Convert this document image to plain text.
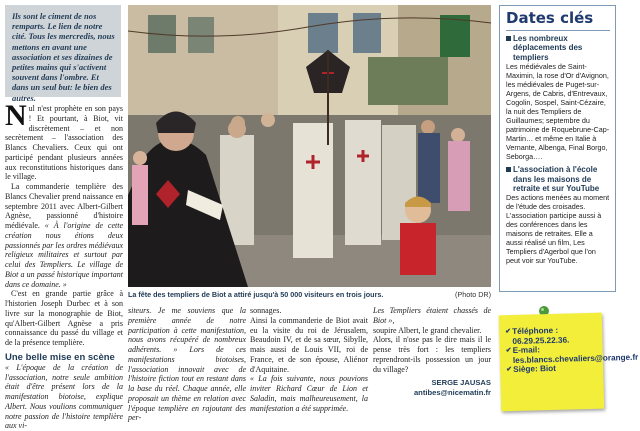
Ils sont le ciment de nos remparts. Le lien de notre cité. Tous les mercredis, nous mettons en avant une association et ses dizaines de petites mains qui s'activent souvent dans l'ombre. Et dans un seul but: le bien des autres.

Nul n'est prophète en son pays ! Et pourtant, à Biot, vit discrètement – et non secrètement – l'association des Blancs Chevaliers. Ceux qui ont participé pendant plusieurs années aux reconstitutions historiques dans le village.

La commanderie templière des Blancs Chevalier prend naissance en septembre 2011 avec Albert-Gilbert Agnèse, passionné d'histoire médiévale. « À l'origine de cette création nous étions deux passionnés par les ordres médiévaux religieux militaires et surtout par celui des Templiers. Le village de Biot a un passé historique important dans ce domaine. »

C'est en grande partie grâce à l'historien Joseph Durbec et à son livre sur la monographie de Biot, qu'Albert-Gilbert Agnèse a pris connaissance du passé du village et de la présence templière.

Une belle mise en scène

« L'époque de la création de l'association, notre seule ambition était d'être présent lors de la manifestation biotoise, explique Albert. Nous voulions communiquer notre passion de l'histoire templière aux vi-

La fête des templiers de Biot a attiré jusqu'à 50 000 visiteurs en trois jours.	(Photo DR)
siteurs. Je me souviens que la première année de notre participation à cette manifestation, nous avons récupéré de nombreux adhérents. » Lors de ces manifestations biotoises, l'association innovait avec de l'histoire fiction tout en restant dans la base du réel. Chaque année, elle proposait un thème en relation avec l'époque templière en rajoutant des per-
sonnages.
Ainsi la commanderie de Biot avait eu la visite du roi de Jérusalem, Beaudoin IV, et de sa sœur, Sibylle, mais aussi de Louis VII, roi de France, et de son épouse, Aliénor d'Aquitaine.
« La fois suivante, nous pouvions inviter Richard Cœur de Lion et Saladin, mais malheureusement, la manifestation a été supprimée.
Les Templiers étaient chassés de Biot »,
soupire Albert, le grand chevalier.
Alors, il n'ose pas le dire mais il le pense très fort : les templiers reprendront-ils possession un jour du village?
SERGE JAUSAS
antibes@nicematin.fr
Dates clés
Les nombreux déplacements des templiers
Les médiévales de Saint-Maximin, la rose d'Or d'Avignon, les médiévales de Puget-sur-Argens, de Cabris, d'Entrevaux, Cogolin, Sospel, Saint-Cézaire, la nuit des Templiers de Guillaumes; septembre du patrimoine de Roquebrune-Cap-Martin… et même en Italie à Vernante, Albenga, Final Borgo, Seborga….
L'association à l'école dans les maisons de retraite et sur YouTube
Des actions menées au moment de l'étude des croisades. L'association participe aussi à des conférences dans les maisons de retraites. Elle a aussi réalisé un film, Les Templiers d'Agerbol que l'on peut voir sur YouTube.
✔ Téléphone :
06.29.25.22.36.
✔ E-mail:
les.blancs.chevaliers@orange.fr
✔ Siège: Biot
